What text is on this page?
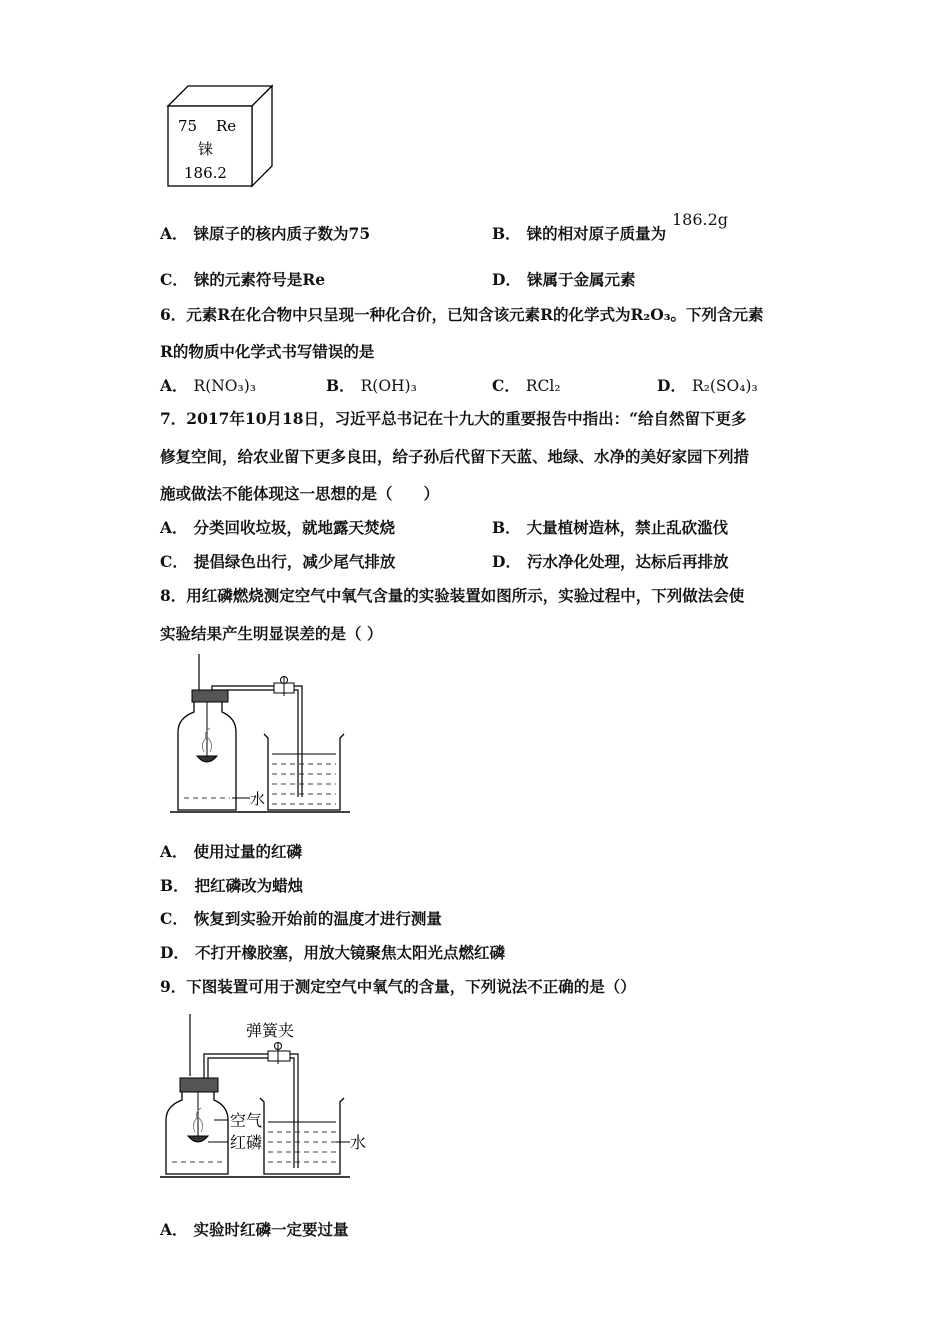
75 Re
铼
186.2
A． 铼原子的核内质子数为75	B． 铼的相对原子质量为
186.2g
C． 铼的元素符号是Re	D． 铼属于金属元素
6．元素R在化合物中只呈现一种化合价，已知含该元素R的化学式为R₂O₃。下列含元素
R的物质中化学式书写错误的是
A． R(NO₃)₃	B． R(OH)₃	C． RCl₂	D． R₂(SO₄)₃
7．2017年10月18日，习近平总书记在十九大的重要报告中指出：“给自然留下更多
修复空间，给农业留下更多良田，给子孙后代留下天蓝、地绿、水净的美好家园下列措
施或做法不能体现这一思想的是（　　）
A． 分类回收垃圾，就地露天焚烧	B． 大量植树造林，禁止乱砍滥伐
C． 提倡绿色出行，减少尾气排放	D． 污水净化处理，达标后再排放
8．用红磷燃烧测定空气中氧气含量的实验装置如图所示，实验过程中，下列做法会使
实验结果产生明显误差的是（ ）
水
A． 使用过量的红磷
B． 把红磷改为蜡烛
C． 恢复到实验开始前的温度才进行测量
D． 不打开橡胶塞，用放大镜聚焦太阳光点燃红磷
9．下图装置可用于测定空气中氧气的含量，下列说法不正确的是（）
弹簧夹
空气
红磷	水
A． 实验时红磷一定要过量
